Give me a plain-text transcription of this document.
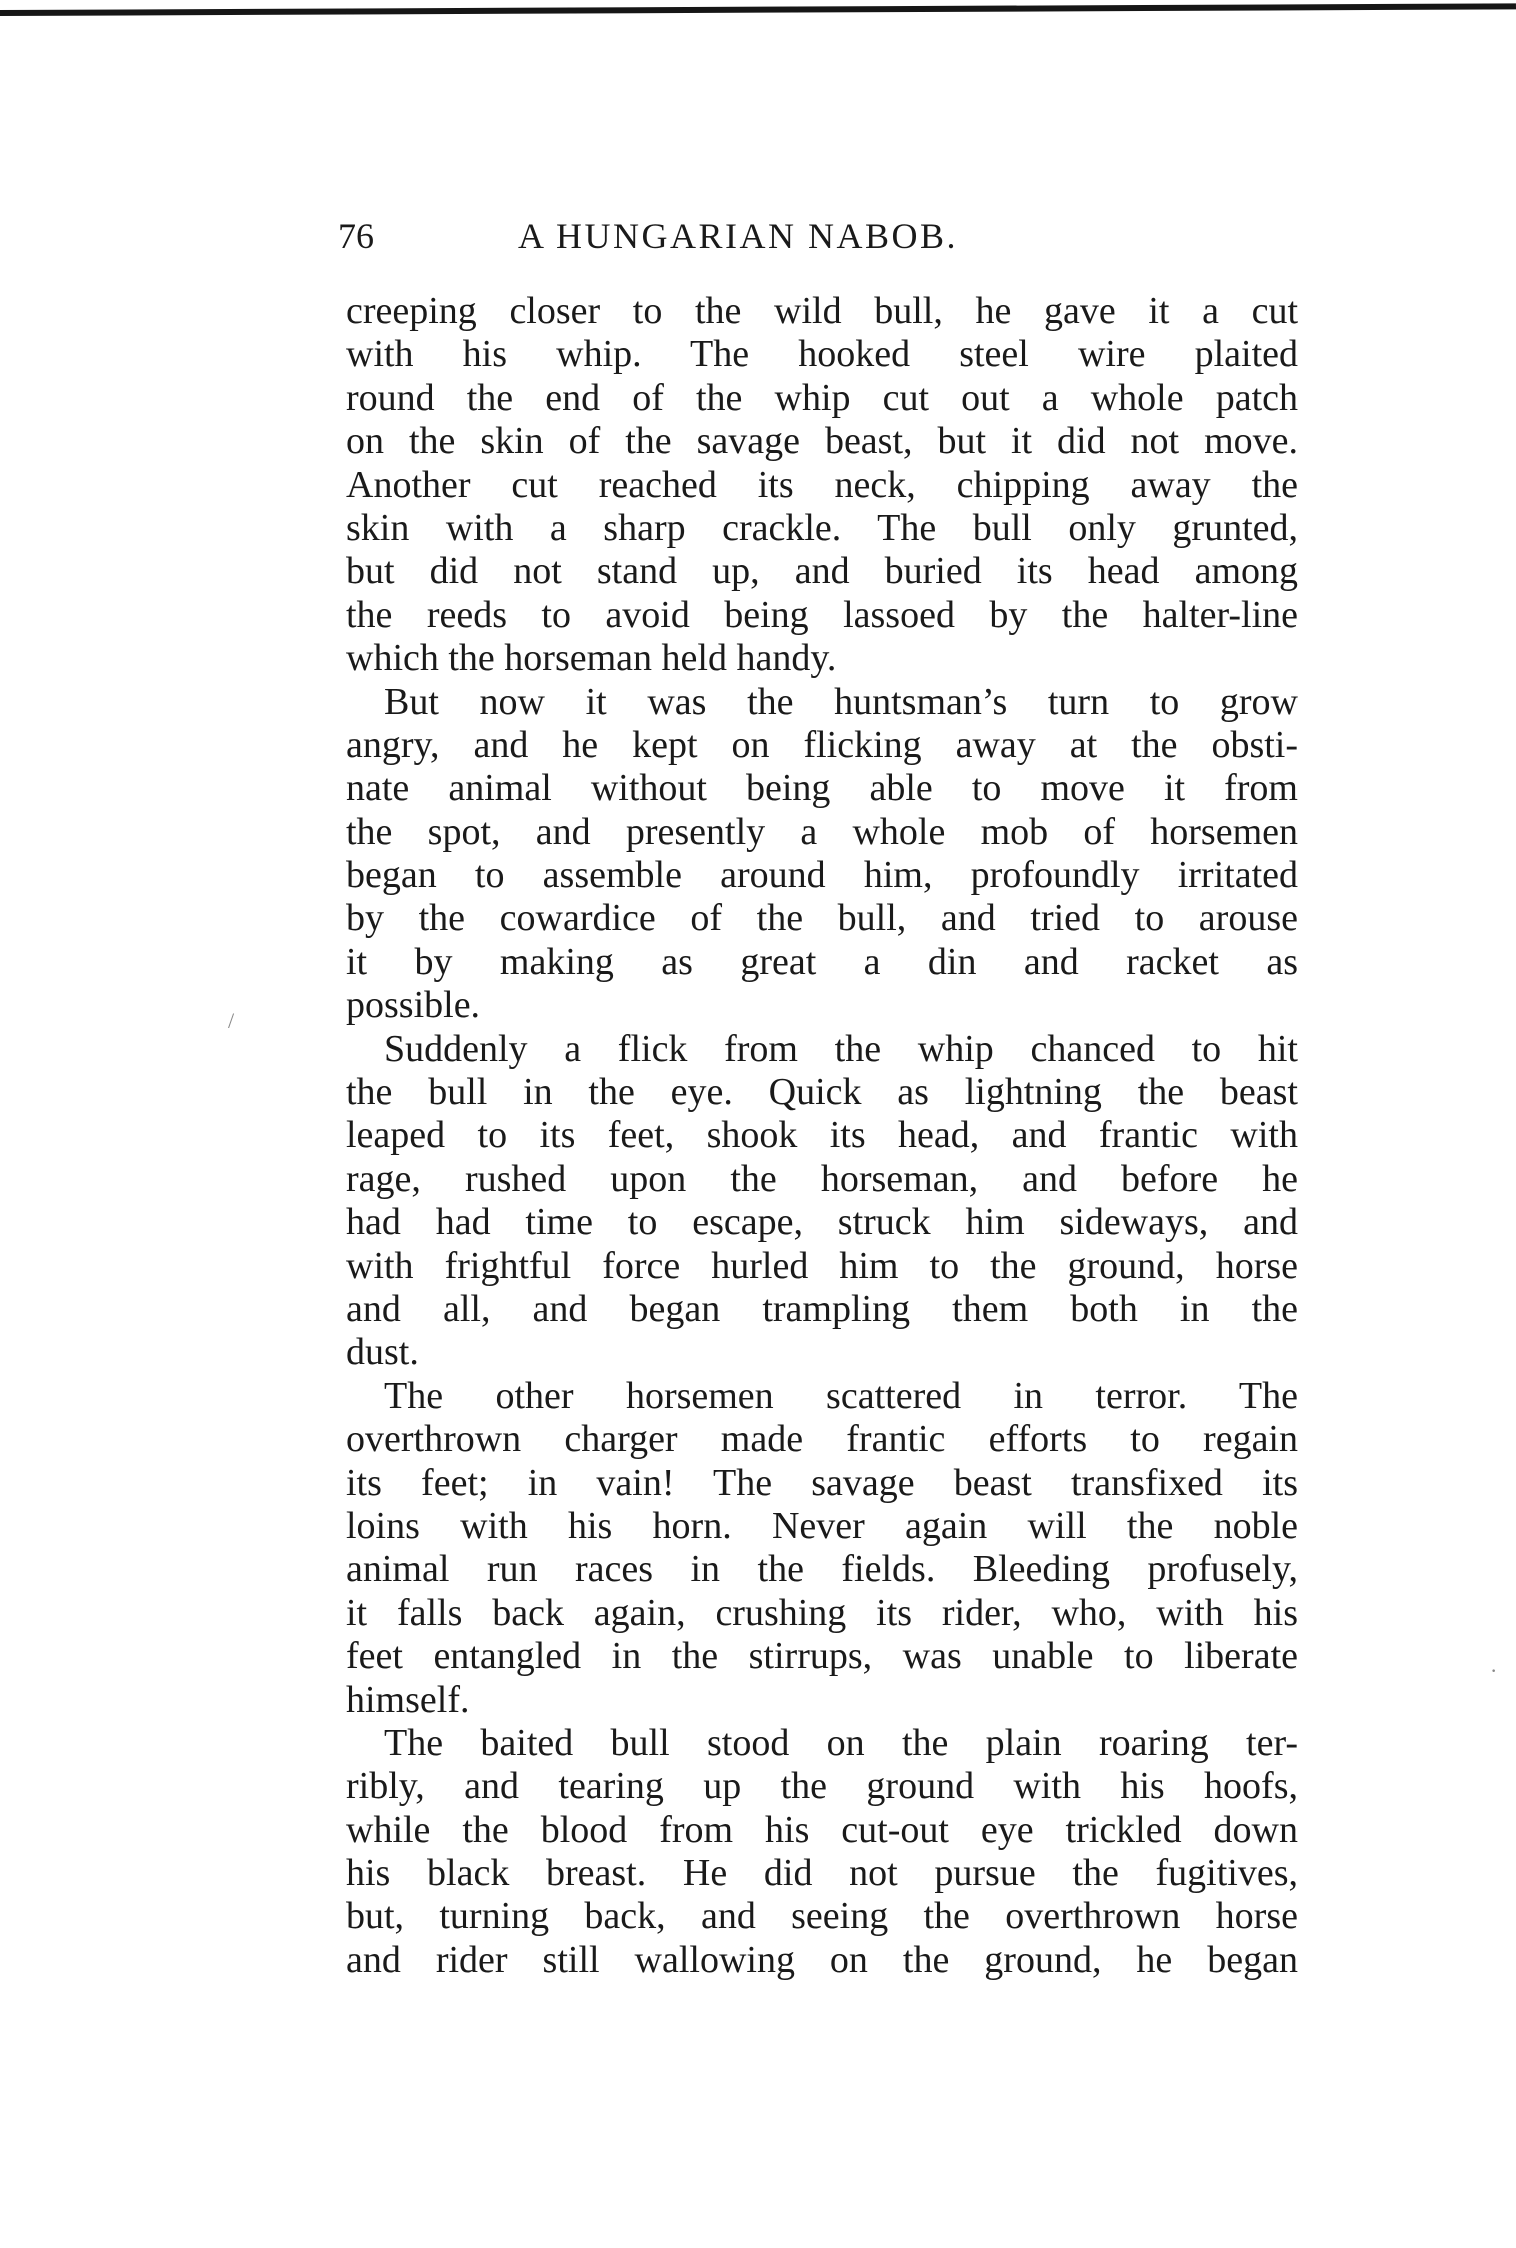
76	A HUNGARIAN NABOB.

creeping closer to the wild bull, he gave it a cut
with his whip. The hooked steel wire plaited
round the end of the whip cut out a whole patch
on the skin of the savage beast, but it did not move.
Another cut reached its neck, chipping away the
skin with a sharp crackle. The bull only grunted,
but did not stand up, and buried its head among
the reeds to avoid being lassoed by the halter-line
which the horseman held handy.

But now it was the huntsman’s turn to grow
angry, and he kept on flicking away at the obsti-
nate animal without being able to move it from
the spot, and presently a whole mob of horsemen
began to assemble around him, profoundly irritated
by the cowardice of the bull, and tried to arouse
it by making as great a din and racket as
possible.

Suddenly a flick from the whip chanced to hit
the bull in the eye. Quick as lightning the beast
leaped to its feet, shook its head, and frantic with
rage, rushed upon the horseman, and before he
had had time to escape, struck him sideways, and
with frightful force hurled him to the ground, horse
and all, and began trampling them both in the
dust.

The other horsemen scattered in terror. The
overthrown charger made frantic efforts to regain
its feet; in vain! The savage beast transfixed its
loins with his horn. Never again will the noble
animal run races in the fields. Bleeding profusely,
it falls back again, crushing its rider, who, with his
feet entangled in the stirrups, was unable to liberate
himself.

The baited bull stood on the plain roaring ter-
ribly, and tearing up the ground with his hoofs,
while the blood from his cut-out eye trickled down
his black breast. He did not pursue the fugitives,
but, turning back, and seeing the overthrown horse
and rider still wallowing on the ground, he began

/
·
